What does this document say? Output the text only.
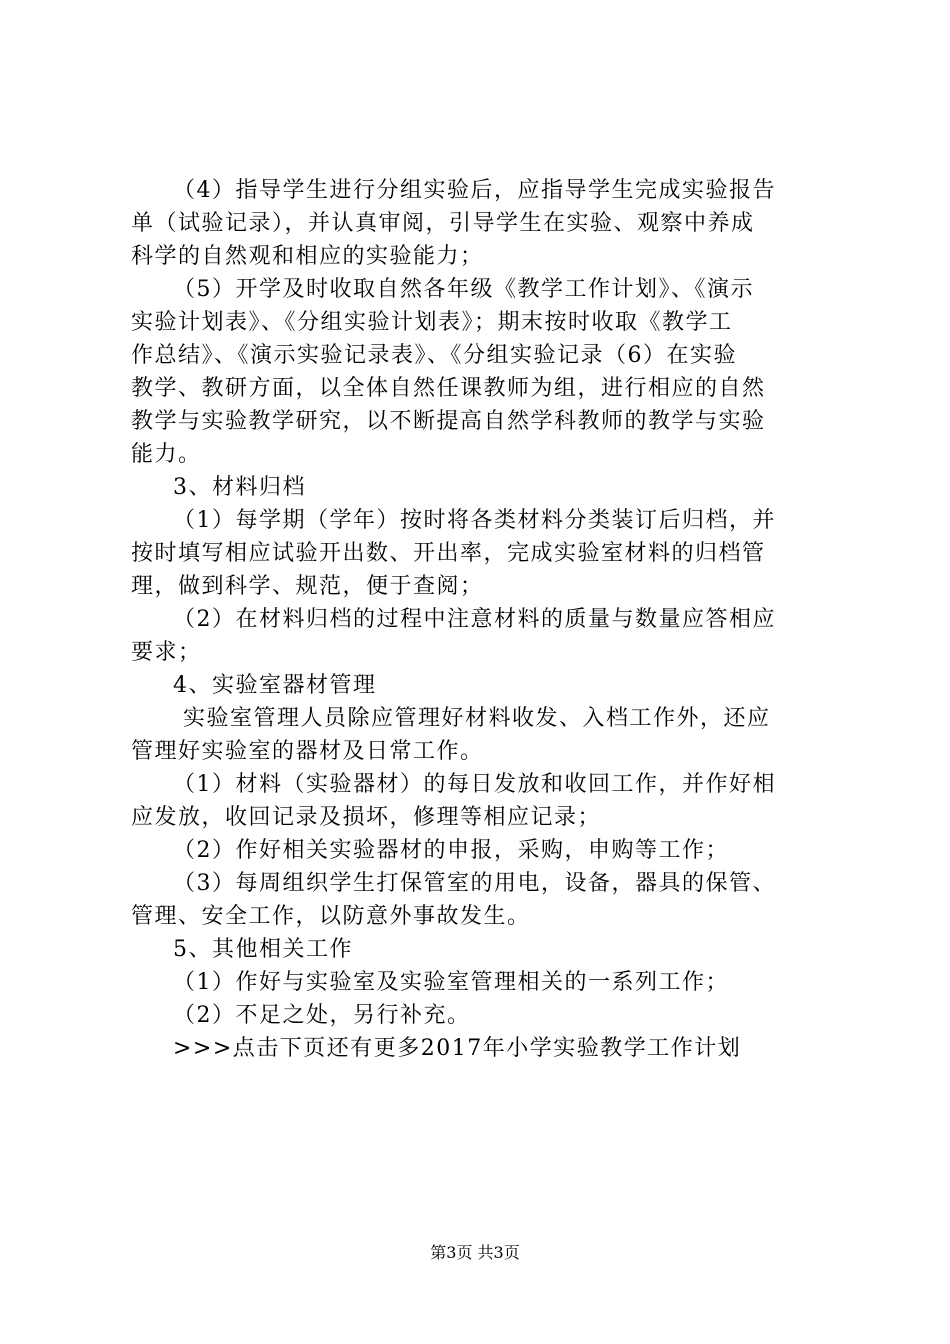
（4）指导学生进行分组实验后，应指导学生完成实验报告
单（试验记录），并认真审阅，引导学生在实验、观察中养成
科学的自然观和相应的实验能力；
（5）开学及时收取自然各年级《教学工作计划》、《演示
实验计划表》、《分组实验计划表》；期末按时收取《教学工
作总结》、《演示实验记录表》、《分组实验记录（6）在实验
教学、教研方面，以全体自然任课教师为组，进行相应的自然
教学与实验教学研究，以不断提高自然学科教师的教学与实验
能力。
3、材料归档
（1）每学期（学年）按时将各类材料分类装订后归档，并
按时填写相应试验开出数、开出率，完成实验室材料的归档管
理，做到科学、规范，便于查阅；
（2）在材料归档的过程中注意材料的质量与数量应答相应
要求；
4、实验室器材管理
实验室管理人员除应管理好材料收发、入档工作外，还应
管理好实验室的器材及日常工作。
（1）材料（实验器材）的每日发放和收回工作，并作好相
应发放，收回记录及损坏，修理等相应记录；
（2）作好相关实验器材的申报，采购，申购等工作；
（3）每周组织学生打保管室的用电，设备，器具的保管、
管理、安全工作，以防意外事故发生。
5、其他相关工作
（1）作好与实验室及实验室管理相关的一系列工作；
（2）不足之处，另行补充。
>>>点击下页还有更多2017年小学实验教学工作计划
第3页 共3页
